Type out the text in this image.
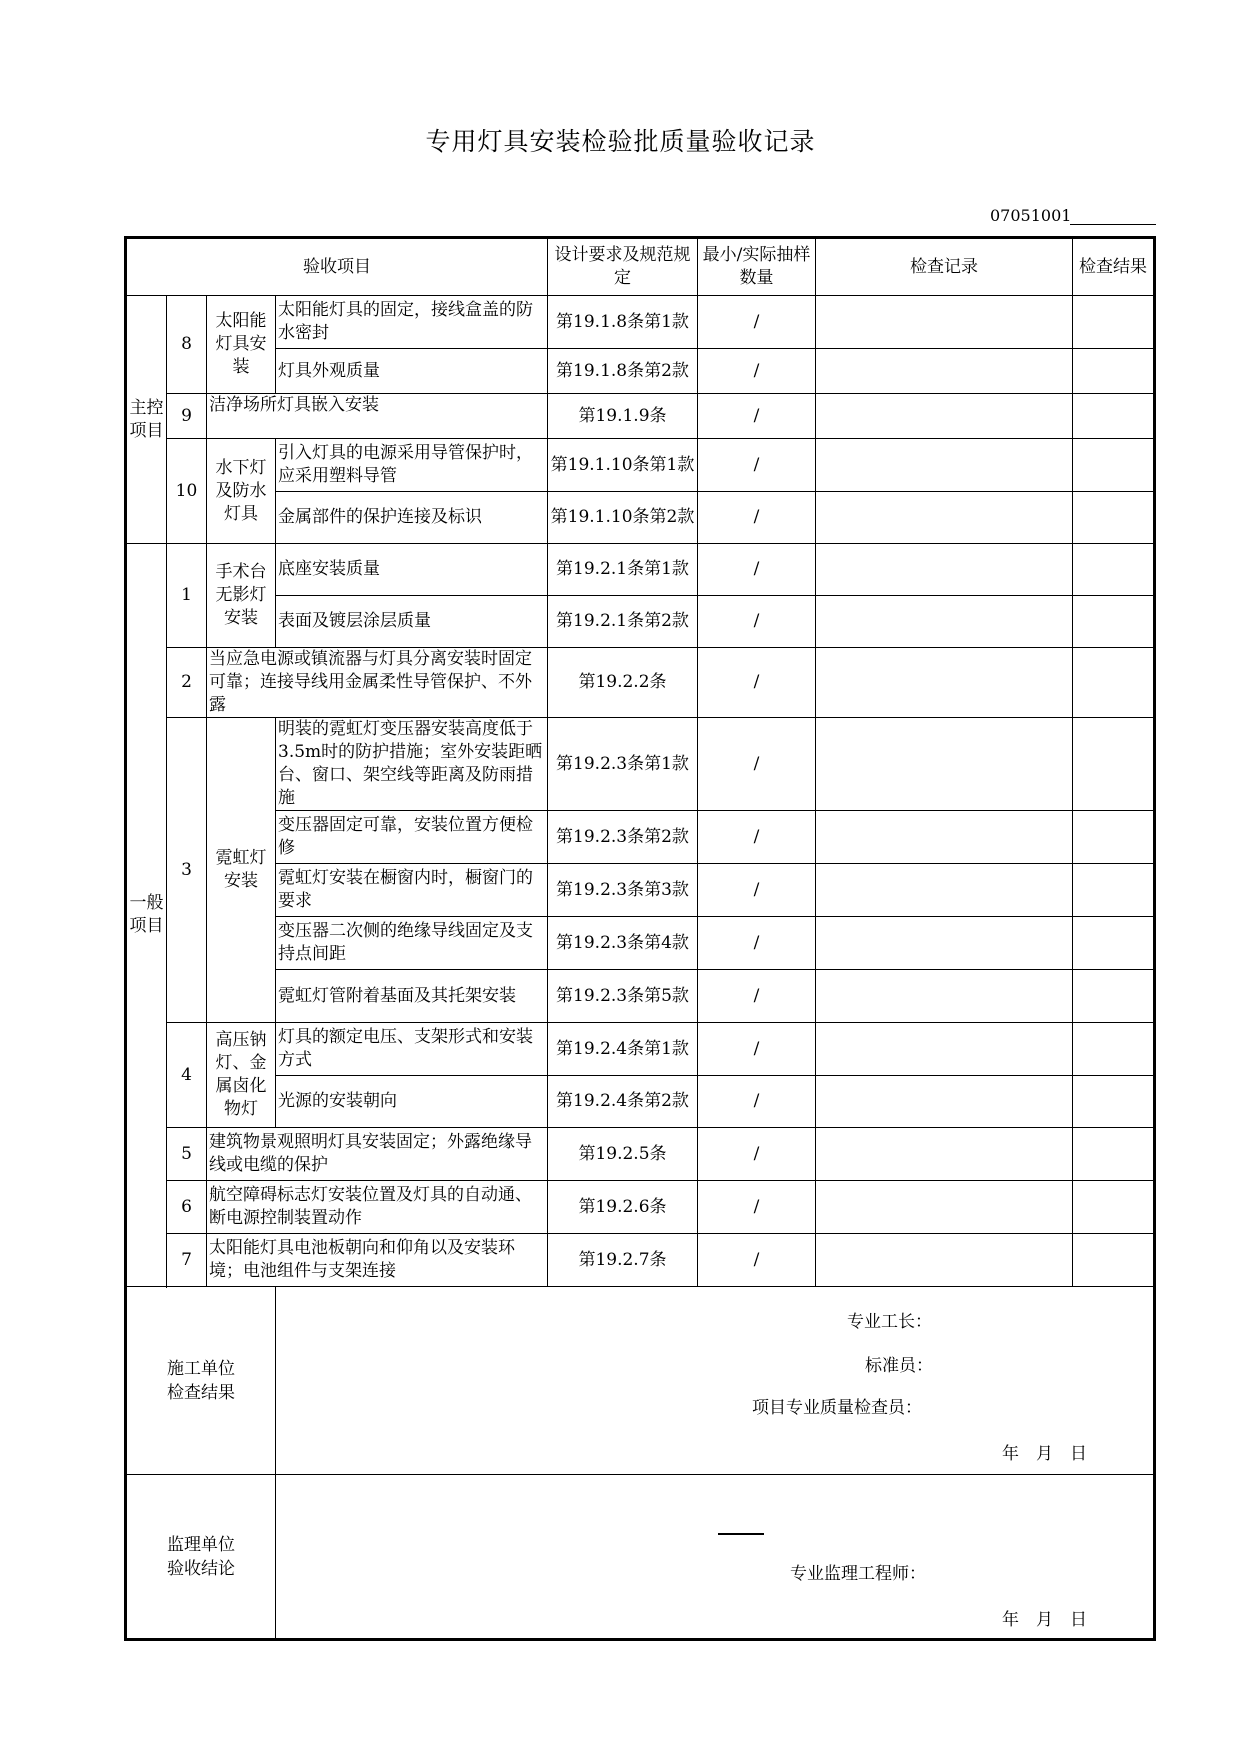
专用灯具安装检验批质量验收记录
07051001
验收项目				设计要求及规范规定	最小/实际抽样数量	检查记录	检查结果
主控项目	8	太阳能灯具安装	太阳能灯具的固定，接线盒盖的防水密封	第19.1.8条第1款	/		
			灯具外观质量	第19.1.8条第2款	/		
	9	洁净场所灯具嵌入安装		第19.1.9条	/		
	10	水下灯及防水灯具	引入灯具的电源采用导管保护时，应采用塑料导管	第19.1.10条第1款	/		
			金属部件的保护连接及标识	第19.1.10条第2款	/		

一般项目	1	手术台无影灯安装	底座安装质量	第19.2.1条第1款	/		
			表面及镀层涂层质量	第19.2.1条第2款	/		
	2	当应急电源或镇流器与灯具分离安装时固定可靠；连接导线用金属柔性导管保护、不外露		第19.2.2条	/		
	3	霓虹灯安装	明装的霓虹灯变压器安装高度低于3.5m时的防护措施；室外安装距晒台、窗口、架空线等距离及防雨措施	第19.2.3条第1款	/		
			变压器固定可靠，安装位置方便检修	第19.2.3条第2款	/		
			霓虹灯安装在橱窗内时，橱窗门的要求	第19.2.3条第3款	/		
			变压器二次侧的绝缘导线固定及支持点间距	第19.2.3条第4款	/		
			霓虹灯管附着基面及其托架安装	第19.2.3条第5款	/		
	4	高压钠灯、金属卤化物灯	灯具的额定电压、支架形式和安装方式	第19.2.4条第1款	/		
			光源的安装朝向	第19.2.4条第2款	/		
	5	建筑物景观照明灯具安装固定；外露绝缘导线或电缆的保护		第19.2.5条	/		
	6	航空障碍标志灯安装位置及灯具的自动通、断电源控制装置动作		第19.2.6条	/		
	7	太阳能灯具电池板朝向和仰角以及安装环境；电池组件与支架连接		第19.2.7条	/		

施工单位检查结果			专业工长：
标准员：
项目专业质量检查员：
年　月　日				

监理单位验收结论			专业监理工程师：
年　月　日				
